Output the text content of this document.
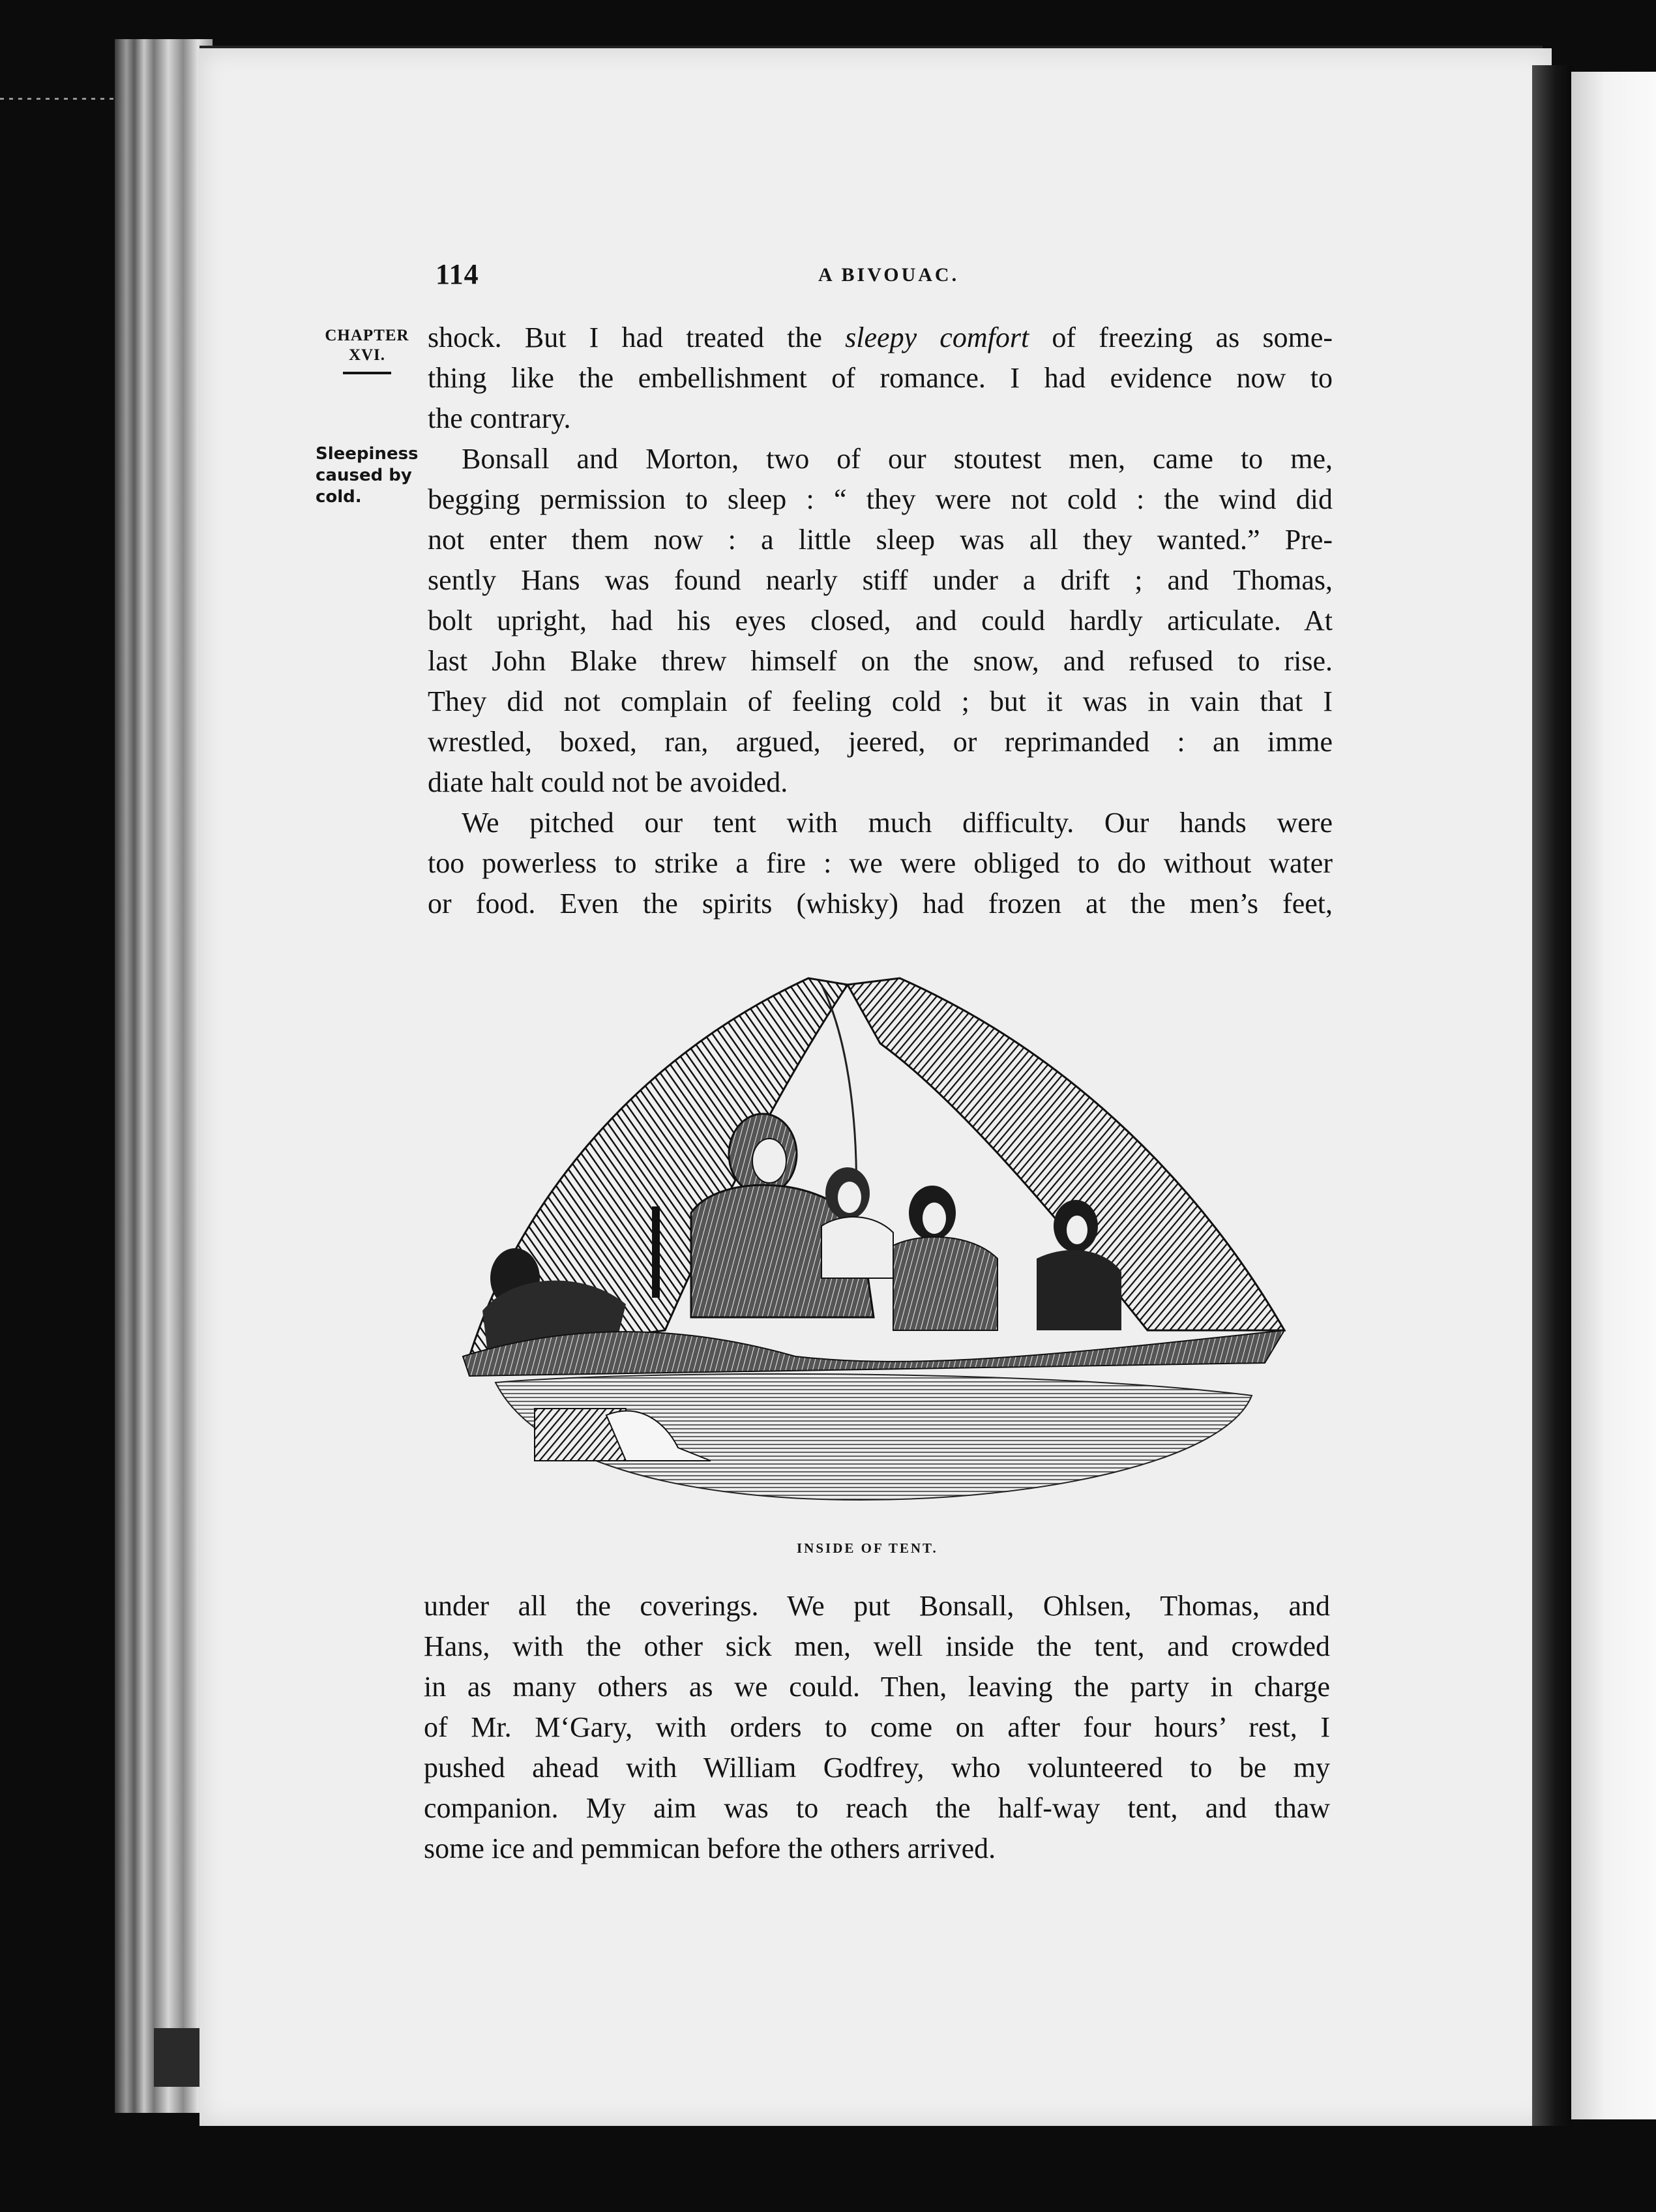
114	A BIVOUAC.
CHAPTER
XVI.
Sleepiness caused by cold.
shock. But I had treated the sleepy comfort of freezing as some-
thing like the embellishment of romance. I had evidence now to
the contrary.
Bonsall and Morton, two of our stoutest men, came to me,
begging permission to sleep : “ they were not cold : the wind did
not enter them now : a little sleep was all they wanted.” Pre-
sently Hans was found nearly stiff under a drift ; and Thomas,
bolt upright, had his eyes closed, and could hardly articulate. At
last John Blake threw himself on the snow, and refused to rise.
They did not complain of feeling cold ; but it was in vain that I
wrestled, boxed, ran, argued, jeered, or reprimanded : an imme
diate halt could not be avoided.
We pitched our tent with much difficulty. Our hands were
too powerless to strike a fire : we were obliged to do without water
or food. Even the spirits (whisky) had frozen at the men’s feet,
INSIDE OF TENT.
under all the coverings. We put Bonsall, Ohlsen, Thomas, and
Hans, with the other sick men, well inside the tent, and crowded
in as many others as we could. Then, leaving the party in charge
of Mr. M‘Gary, with orders to come on after four hours’ rest, I
pushed ahead with William Godfrey, who volunteered to be my
companion. My aim was to reach the half-way tent, and thaw
some ice and pemmican before the others arrived.
